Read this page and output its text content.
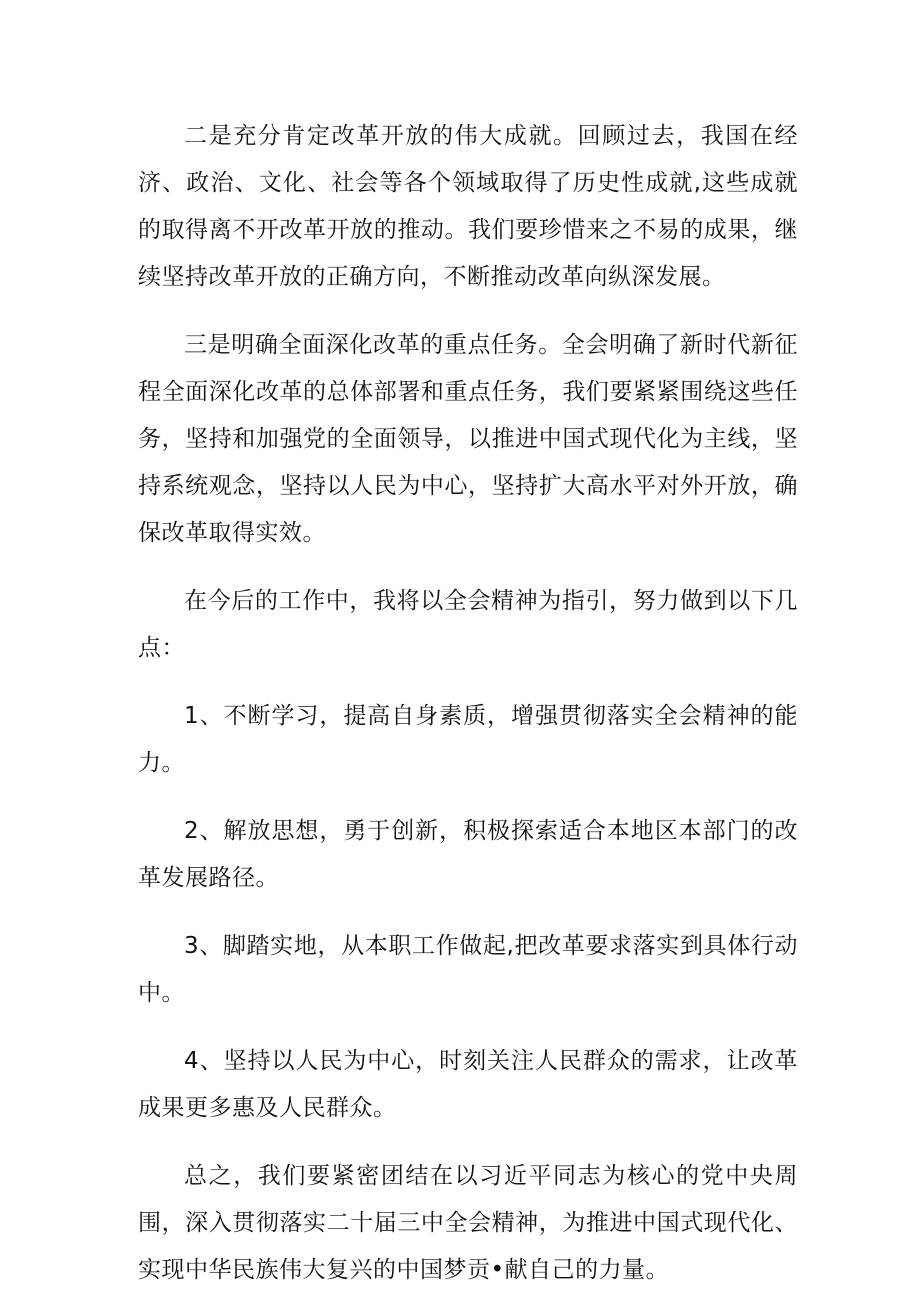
二是充分肯定改革开放的伟大成就。回顾过去，我国在经济、政治、文化、社会等各个领域取得了历史性成就,这些成就的取得离不开改革开放的推动。我们要珍惜来之不易的成果，继续坚持改革开放的正确方向，不断推动改革向纵深发展。

三是明确全面深化改革的重点任务。全会明确了新时代新征程全面深化改革的总体部署和重点任务，我们要紧紧围绕这些任务，坚持和加强党的全面领导，以推进中国式现代化为主线，坚持系统观念，坚持以人民为中心，坚持扩大高水平对外开放，确保改革取得实效。

在今后的工作中，我将以全会精神为指引，努力做到以下几点：

1、不断学习，提高自身素质，增强贯彻落实全会精神的能力。

2、解放思想，勇于创新，积极探索适合本地区本部门的改革发展路径。

3、脚踏实地，从本职工作做起,把改革要求落实到具体行动中。

4、坚持以人民为中心，时刻关注人民群众的需求，让改革成果更多惠及人民群众。

总之，我们要紧密团结在以习近平同志为核心的党中央周围，深入贯彻落实二十届三中全会精神，为推进中国式现代化、实现中华民族伟大复兴的中国梦贡•献自己的力量。
